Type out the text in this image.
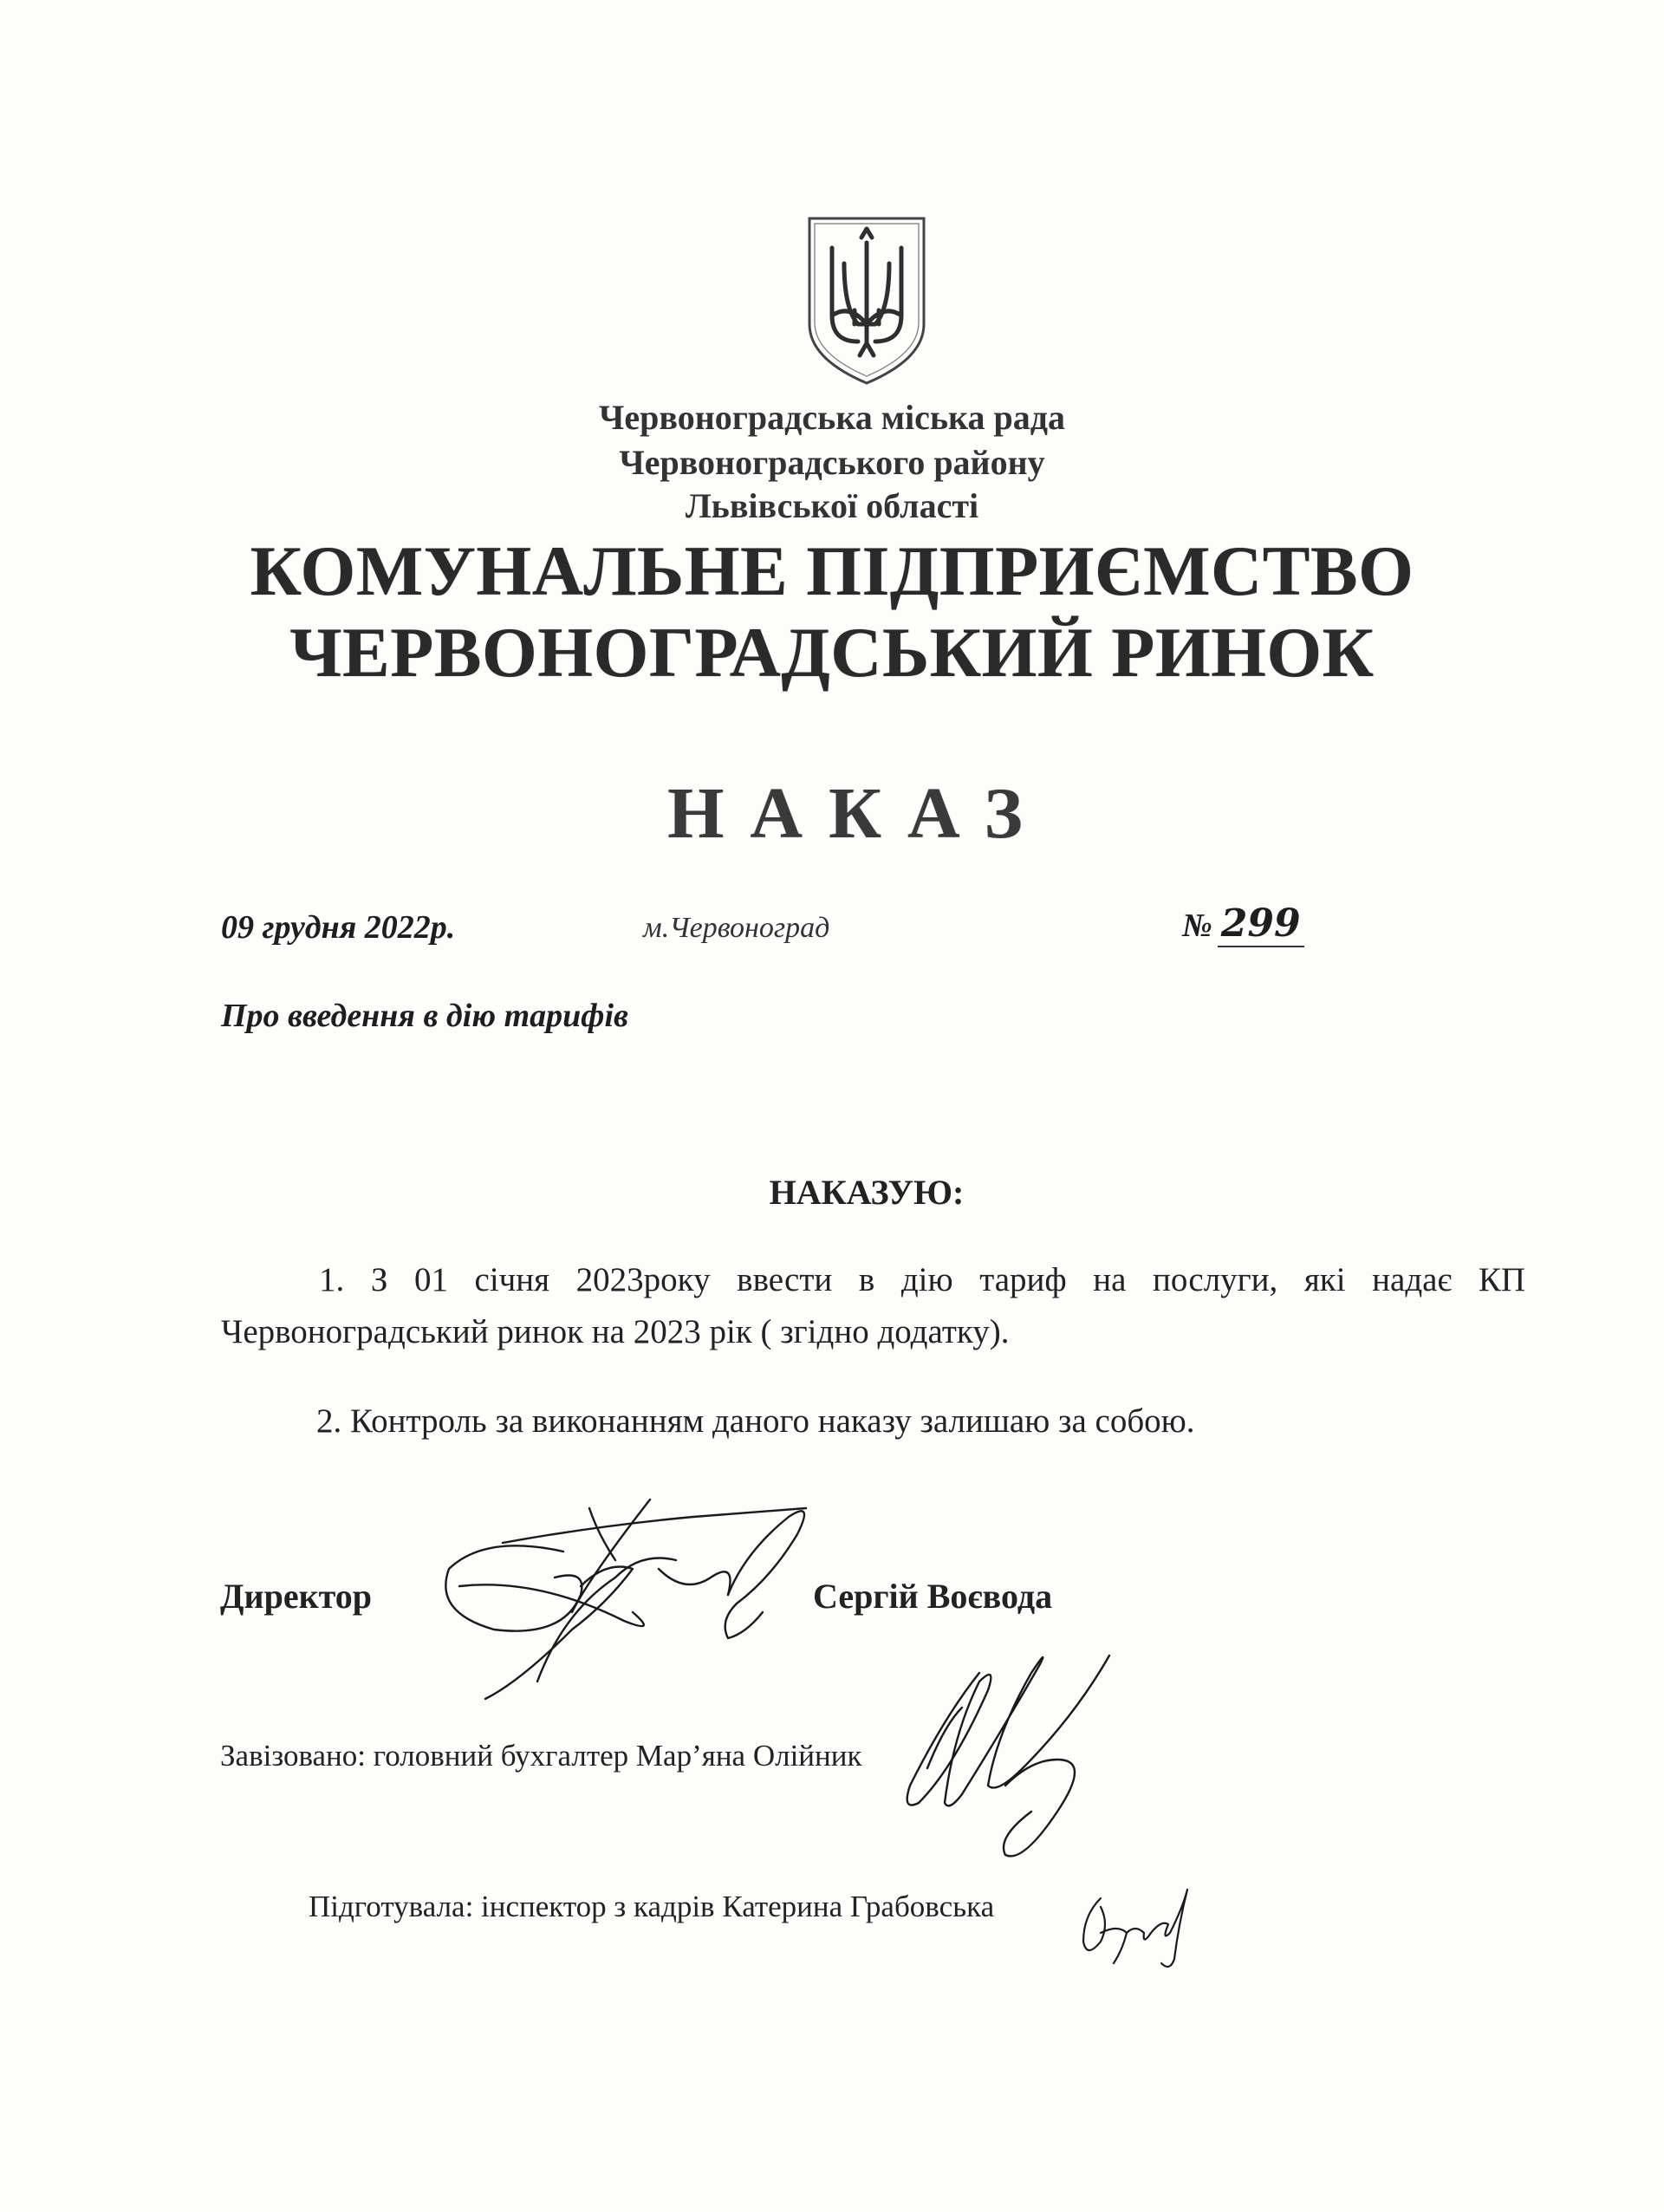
Червоноградська міська рада
Червоноградського району
Львівської області
КОМУНАЛЬНЕ ПІДПРИЄМСТВО
ЧЕРВОНОГРАДСЬКИЙ РИНОК
НАКАЗ
09 грудня 2022р.	м.Червоноград	№ 299
Про введення в дію тарифів
НАКАЗУЮ:
1. З 01 січня 2023року ввести в дію тариф на послуги, які надає КП
Червоноградський ринок на 2023 рік ( згідно додатку).
2. Контроль за виконанням даного наказу залишаю за собою.
Директор	Сергій Воєвода
Завізовано: головний бухгалтер Мар’яна Олійник
Підготувала: інспектор з кадрів Катерина Грабовська
